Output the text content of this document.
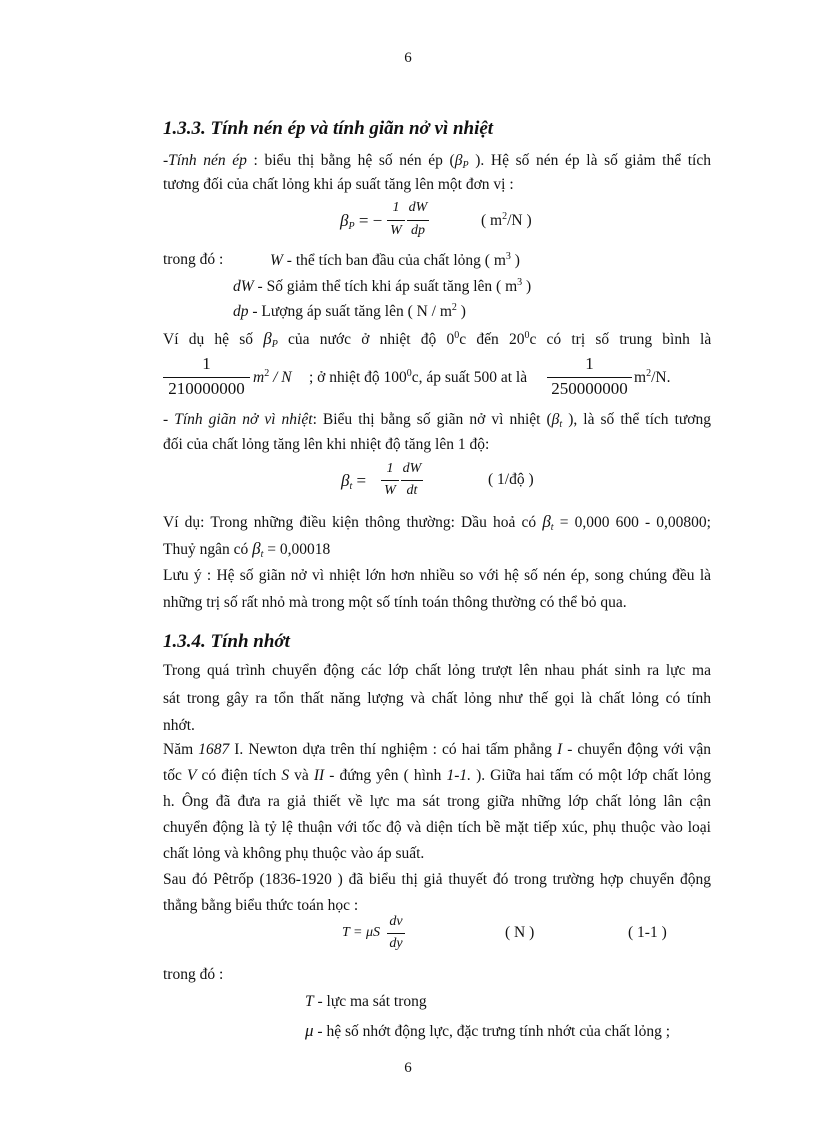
6
1.3.3. Tính nén ép và tính giãn nở vì nhiệt
-Tính nén ép : biểu thị bằng hệ số nén ép ($\beta_P$ ). Hệ số nén ép là số giảm thể tích
tương đối của chất lỏng khi áp suất tăng lên một đơn vị :
$\beta_P$ = −
1
W
dW
dp
( $m^2/N$ )
trong đó :	W - thể tích ban đầu của chất lỏng ( $m^3$ )
dW - Số giảm thể tích khi áp suất tăng lên ( $m^3$ )
dp - Lượng áp suất tăng lên ( N / $m^2$ )
Ví dụ hệ số $\beta_P$ của nước ở nhiệt độ $0^0c$ đến $20^0c$ có trị số trung bình là
1
210000000
$m^2$ / N ; ở nhiệt độ $100^0c$, áp suất 500 at là
1
250000000
$m^2/N$.
- Tính giãn nở vì nhiệt: Biểu thị bằng số giãn nở vì nhiệt ($\beta_t$ ), là số thể tích tương
đối của chất lỏng tăng lên khi nhiệt độ tăng lên 1 độ:
$\beta_t$ =
1
W
dW
dt
( 1/độ )
Ví dụ: Trong những điều kiện thông thường: Dầu hoả có $\beta_t = 0,000$ 600 - 0,00800;
Thuỷ ngân có $\beta_t = 0,00018$
Lưu ý : Hệ số giãn nở vì nhiệt lớn hơn nhiều so với hệ số nén ép, song chúng đều là
những trị số rất nhỏ mà trong một số tính toán thông thường có thể bỏ qua.
1.3.4. Tính nhớt
Trong quá trình chuyển động các lớp chất lỏng trượt lên nhau phát sinh ra lực ma
sát trong gây ra tổn thất năng lượng và chất lỏng như thế gọi là chất lỏng có tính
nhớt.
Năm 1687 I. Newton dựa trên thí nghiệm : có hai tấm phẳng I - chuyển động với vận
tốc V có điện tích S và II - đứng yên ( hình 1-1. ). Giữa hai tấm có một lớp chất lỏng
h. Ông đã đưa ra giả thiết về lực ma sát trong giữa những lớp chất lỏng lân cận
chuyển động là tỷ lệ thuận với tốc độ và diện tích bề mặt tiếp xúc, phụ thuộc vào loại
chất lỏng và không phụ thuộc vào áp suất.
Sau đó Pêtrốp (1836-1920 ) đã biểu thị giả thuyết đó trong trường hợp chuyển động
thẳng bằng biểu thức toán học :
T = μS
dv
dy
( N )	( 1-1 )
trong đó :
T - lực ma sát trong
μ - hệ số nhớt động lực, đặc trưng tính nhớt của chất lỏng ;
6
